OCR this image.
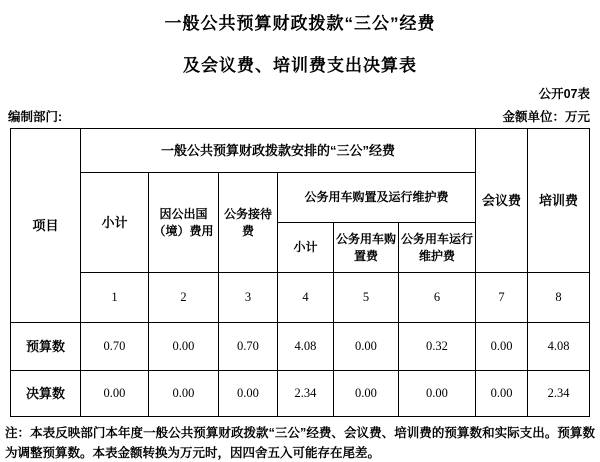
一般公共预算财政拨款“三公”经费
及会议费、培训费支出决算表
公开07表
编制部门:	金额单位：万元
项目	一般公共预算财政拨款安排的“三公”经费						会议费	培训费
	小计	因公出国（境）费用	公务接待费	公务用车购置及运行维护费				
				小计	公务用车购置费	公务用车运行维护费		
	1	2	3	4	5	6	7	8
预算数	0.70	0.00	0.70	4.08	0.00	0.32	0.00	4.08
决算数	0.00	0.00	0.00	2.34	0.00	0.00	0.00	2.34
注：本表反映部门本年度一般公共预算财政拨款“三公”经费、会议费、培训费的预算数和实际支出。预算数为调整预算数。本表金额转换为万元时，因四舍五入可能存在尾差。
